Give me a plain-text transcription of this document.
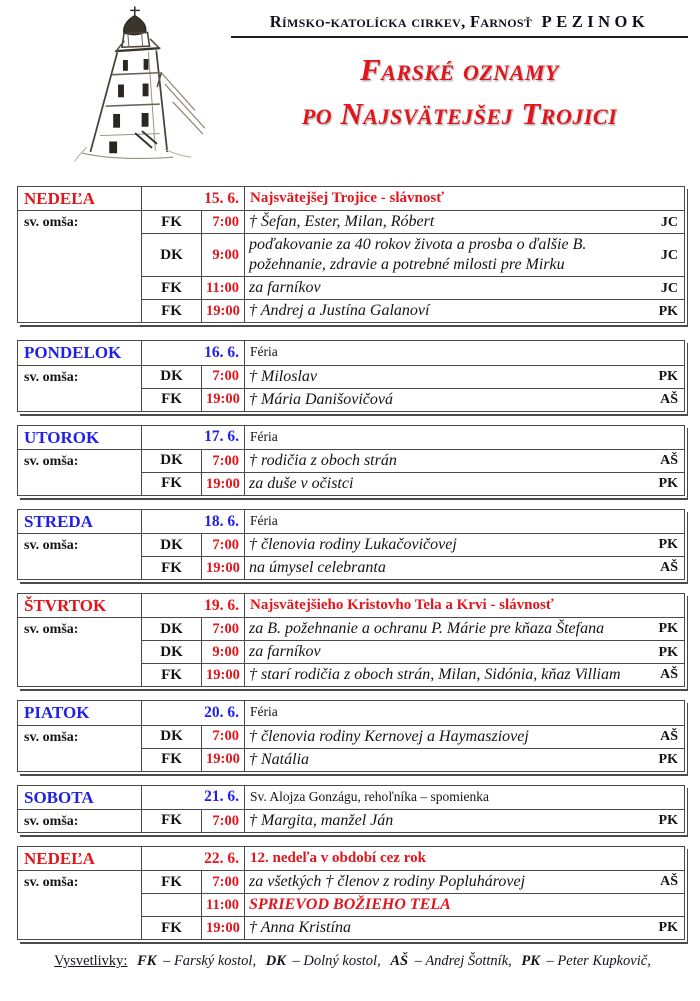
Rímsko-katolícka cirkev, Farnosť PEZINOK
Farské oznamy
po Najsvätejšej Trojici
NEDEĽA	15. 6.		Najsvätejšej Trojice - slávnosť	
sv. omša:	FK	7:00	† Šefan, Ester, Milan, Róbert	JC
	DK	9:00	poďakovanie za 40 rokov života a prosba o ďalšie B. požehnanie, zdravie a potrebné milosti pre Mirku	JC
	FK	11:00	za farníkov	JC
	FK	19:00	† Andrej a Justína Galanoví	PK
PONDELOK	16. 6.		Féria	
sv. omša:	DK	7:00	† Miloslav	PK
	FK	19:00	† Mária Danišovičová	AŠ
UTOROK	17. 6.		Féria	
sv. omša:	DK	7:00	† rodičia z oboch strán	AŠ
	FK	19:00	za duše v očistci	PK
STREDA	18. 6.		Féria	
sv. omša:	DK	7:00	† členovia rodiny Lukačovičovej	PK
	FK	19:00	na úmysel celebranta	AŠ
ŠTVRTOK	19. 6.		Najsvätejšieho Kristovho Tela a Krvi - slávnosť	
sv. omša:	DK	7:00	za B. požehnanie a ochranu P. Márie pre kňaza Štefana	PK
	DK	9:00	za farníkov	PK
	FK	19:00	† starí rodičia z oboch strán, Milan, Sidónia, kňaz Villiam	AŠ
PIATOK	20. 6.		Féria	
sv. omša:	DK	7:00	† členovia rodiny Kernovej a Haymasziovej	AŠ
	FK	19:00	† Natália	PK
SOBOTA	21. 6.		Sv. Alojza Gonzágu, rehoľníka – spomienka	
sv. omša:	FK	7:00	† Margita, manžel Ján	PK
NEDEĽA	22. 6.		12. nedeľa v období cez rok	
sv. omša:	FK	7:00	za všetkých † členov z rodiny Popluhárovej	AŠ
		11:00	SPRIEVOD BOŽIEHO TELA	
	FK	19:00	† Anna Kristína	PK
Vysvetlivky: FK – Farský kostol, DK – Dolný kostol, AŠ – Andrej Šottník, PK – Peter Kupkovič,
